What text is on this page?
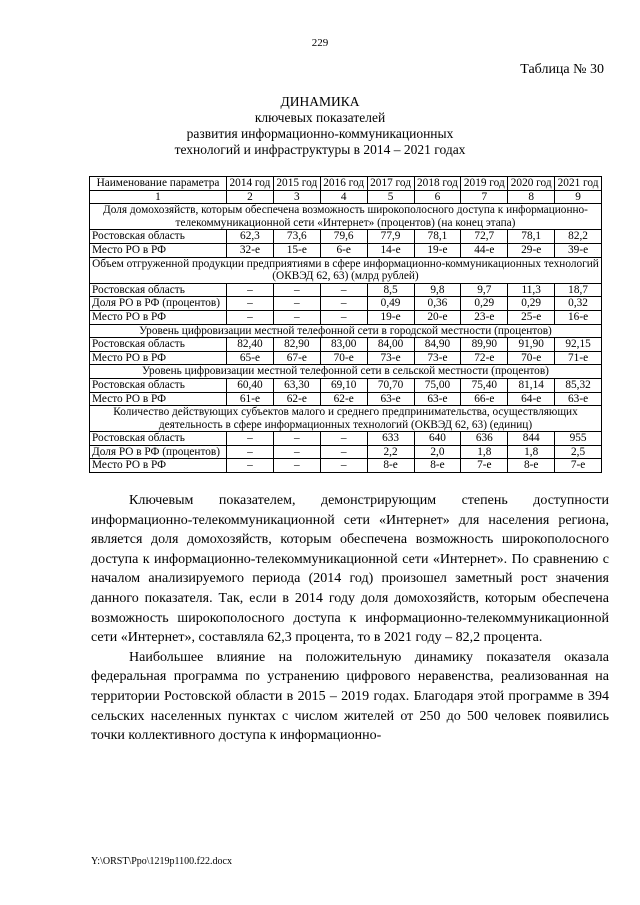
229
Таблица № 30
ДИНАМИКА
ключевых показателей
развития информационно-коммуникационных
технологий и инфраструктуры в 2014 – 2021 годах
Наименование параметра	2014 год	2015 год	2016 год	2017 год	2018 год	2019 год	2020 год	2021 год
1	2	3	4	5	6	7	8	9
Доля домохозяйств, которым обеспечена возможность широкополосного доступа к информационно-телекоммуникационной сети «Интернет» (процентов) (на конец этапа)								
Ростовская область	62,3	73,6	79,6	77,9	78,1	72,7	78,1	82,2
Место РО в РФ	32-е	15-е	6-е	14-е	19-е	44-е	29-е	39-е
Объем отгруженной продукции предприятиями в сфере информационно-коммуникационных технологий (ОКВЭД 62, 63) (млрд рублей)								
Ростовская область	–	–	–	8,5	9,8	9,7	11,3	18,7
Доля РО в РФ (процентов)	–	–	–	0,49	0,36	0,29	0,29	0,32
Место РО в РФ	–	–	–	19-е	20-е	23-е	25-е	16-е
Уровень цифровизации местной телефонной сети в городской местности (процентов)								
Ростовская область	82,40	82,90	83,00	84,00	84,90	89,90	91,90	92,15
Место РО в РФ	65-е	67-е	70-е	73-е	73-е	72-е	70-е	71-е
Уровень цифровизации местной телефонной сети в сельской местности (процентов)								
Ростовская область	60,40	63,30	69,10	70,70	75,00	75,40	81,14	85,32
Место РО в РФ	61-е	62-е	62-е	63-е	63-е	66-е	64-е	63-е
Количество действующих субъектов малого и среднего предпринимательства, осуществляющих деятельность в сфере информационных технологий (ОКВЭД 62, 63) (единиц)								
Ростовская область	–	–	–	633	640	636	844	955
Доля РО в РФ (процентов)	–	–	–	2,2	2,0	1,8	1,8	2,5
Место РО в РФ	–	–	–	8-е	8-е	7-е	8-е	7-е

Ключевым показателем, демонстрирующим степень доступности информационно-телекоммуникационной сети «Интернет» для населения региона, является доля домохозяйств, которым обеспечена возможность широкополосного доступа к информационно-телекоммуникационной сети «Интернет». По сравнению с началом анализируемого периода (2014 год) произошел заметный рост значения данного показателя. Так, если в 2014 году доля домохозяйств, которым обеспечена возможность широкополосного доступа к информационно-телекоммуникационной сети «Интернет», составляла 62,3 процента, то в 2021 году – 82,2 процента.

Наибольшее влияние на положительную динамику показателя оказала федеральная программа по устранению цифрового неравенства, реализованная на территории Ростовской области в 2015 – 2019 годах. Благодаря этой программе в 394 сельских населенных пунктах с числом жителей от 250 до 500 человек появились точки коллективного доступа к информационно-

Y:\ORST\Ppo\1219p1100.f22.docx
